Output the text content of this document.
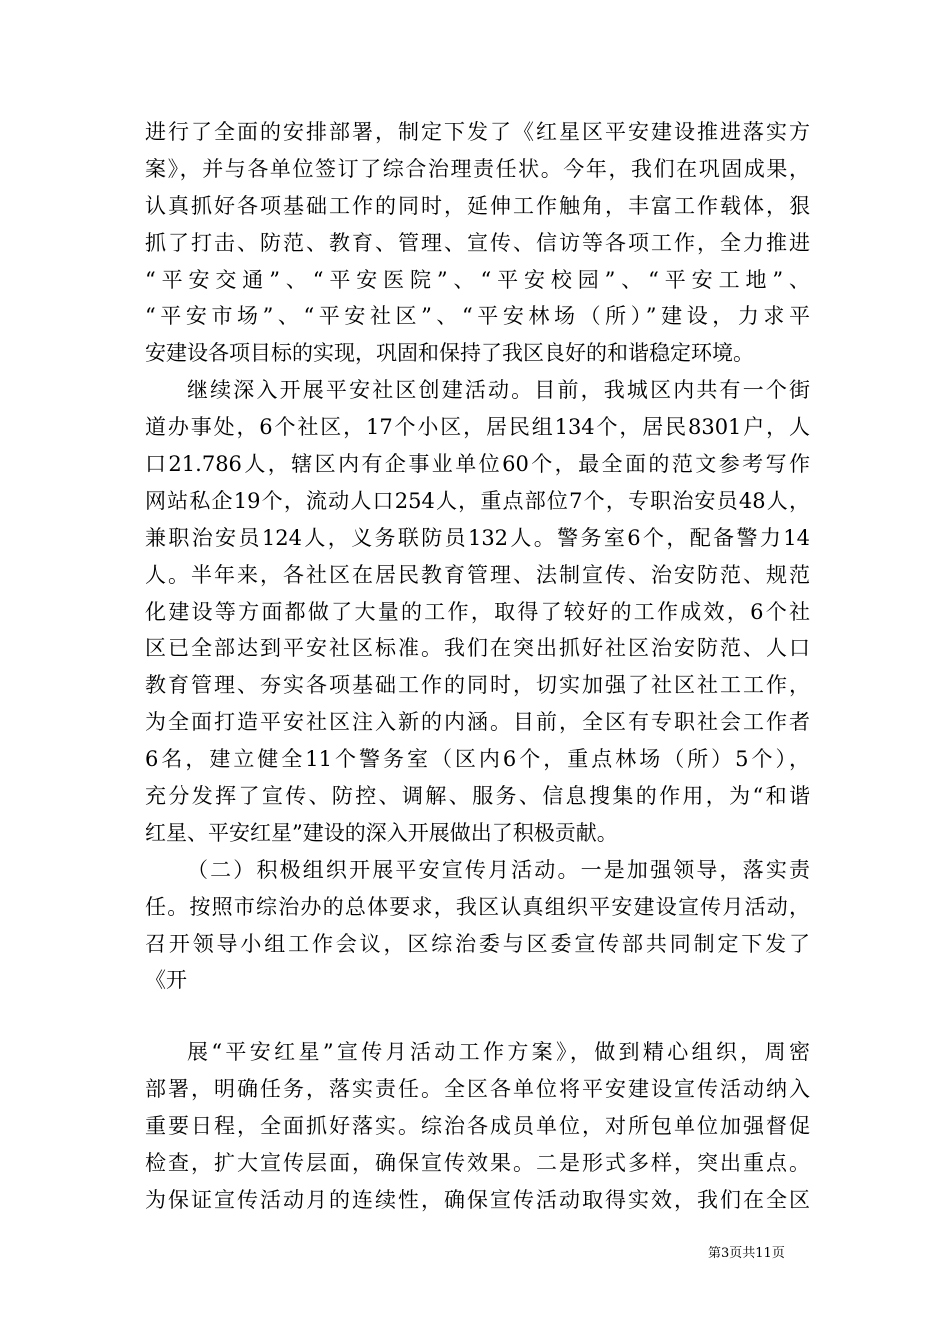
进行了全面的安排部署，制定下发了《红星区平安建设推进落实方
案》，并与各单位签订了综合治理责任状。今年，我们在巩固成果，
认真抓好各项基础工作的同时，延伸工作触角，丰富工作载体，狠
抓了打击、防范、教育、管理、宣传、信访等各项工作，全力推进
“平安交通”、“平安医院”、“平安校园”、“平安工地”、
“平安市场”、“平安社区”、“平安林场（所）”建设，力求平
安建设各项目标的实现，巩固和保持了我区良好的和谐稳定环境。
继续深入开展平安社区创建活动。目前，我城区内共有一个街
道办事处，6个社区，17个小区，居民组134个，居民8301户，人
口21.786人，辖区内有企事业单位60个，最全面的范文参考写作
网站私企19个，流动人口254人，重点部位7个，专职治安员48人，
兼职治安员124人，义务联防员132人。警务室6个，配备警力14
人。半年来，各社区在居民教育管理、法制宣传、治安防范、规范
化建设等方面都做了大量的工作，取得了较好的工作成效，6个社
区已全部达到平安社区标准。我们在突出抓好社区治安防范、人口
教育管理、夯实各项基础工作的同时，切实加强了社区社工工作，
为全面打造平安社区注入新的内涵。目前，全区有专职社会工作者
6名，建立健全11个警务室（区内6个，重点林场（所）5个），
充分发挥了宣传、防控、调解、服务、信息搜集的作用，为“和谐
红星、平安红星”建设的深入开展做出了积极贡献。
（二）积极组织开展平安宣传月活动。一是加强领导，落实责
任。按照市综治办的总体要求，我区认真组织平安建设宣传月活动，
召开领导小组工作会议，区综治委与区委宣传部共同制定下发了
《开
展“平安红星”宣传月活动工作方案》，做到精心组织，周密
部署，明确任务，落实责任。全区各单位将平安建设宣传活动纳入
重要日程，全面抓好落实。综治各成员单位，对所包单位加强督促
检查，扩大宣传层面，确保宣传效果。二是形式多样，突出重点。
为保证宣传活动月的连续性，确保宣传活动取得实效，我们在全区
第3页共11页
